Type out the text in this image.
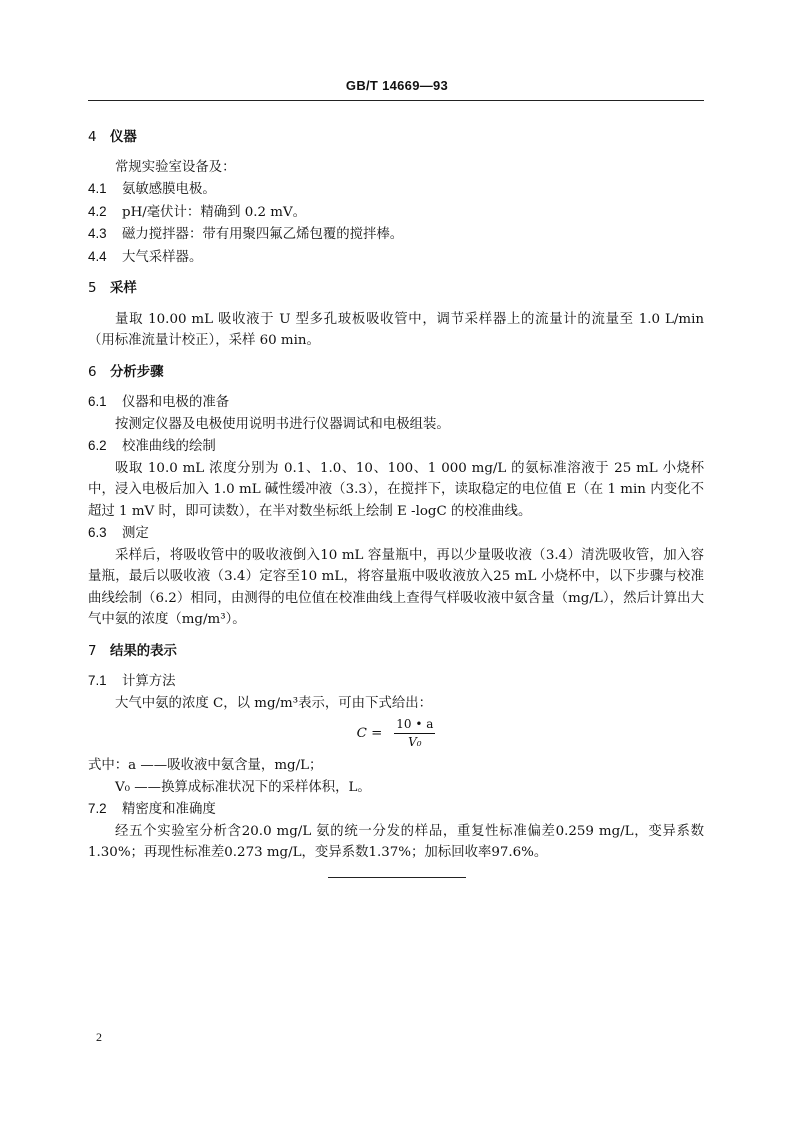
GB/T 14669—93
4 仪器
常规实验室设备及：
4.1 氨敏感膜电极。
4.2 pH/毫伏计：精确到 0.2 mV。
4.3 磁力搅拌器：带有用聚四氟乙烯包覆的搅拌棒。
4.4 大气采样器。
5 采样
量取 10.00 mL 吸收液于 U 型多孔玻板吸收管中，调节采样器上的流量计的流量至 1.0 L/min（用标准流量计校正），采样 60 min。
6 分析步骤
6.1 仪器和电极的准备
按测定仪器及电极使用说明书进行仪器调试和电极组装。
6.2 校准曲线的绘制
吸取 10.0 mL 浓度分别为 0.1、1.0、10、100、1 000 mg/L 的氨标准溶液于 25 mL 小烧杯中，浸入电极后加入 1.0 mL 碱性缓冲液（3.3），在搅拌下，读取稳定的电位值 E（在 1 min 内变化不超过 1 mV 时，即可读数），在半对数坐标纸上绘制 E -logC 的校准曲线。
6.3 测定
采样后，将吸收管中的吸收液倒入10 mL 容量瓶中，再以少量吸收液（3.4）清洗吸收管，加入容量瓶，最后以吸收液（3.4）定容至10 mL，将容量瓶中吸收液放入25 mL 小烧杯中，以下步骤与校准曲线绘制（6.2）相同，由测得的电位值在校准曲线上查得气样吸收液中氨含量（mg/L），然后计算出大气中氨的浓度（mg/m³）。
7 结果的表示
7.1 计算方法
大气中氨的浓度 C，以 mg/m³表示，可由下式给出：
$C = \frac{10 • a}{\text{V₀}}$
式中：a ——吸收液中氨含量，mg/L；
V₀ ——换算成标准状况下的采样体积，L。
7.2 精密度和准确度
经五个实验室分析含20.0 mg/L 氨的统一分发的样品，重复性标准偏差0.259 mg/L，变异系数1.30%；再现性标准差0.273 mg/L，变异系数1.37%；加标回收率97.6%。
2
